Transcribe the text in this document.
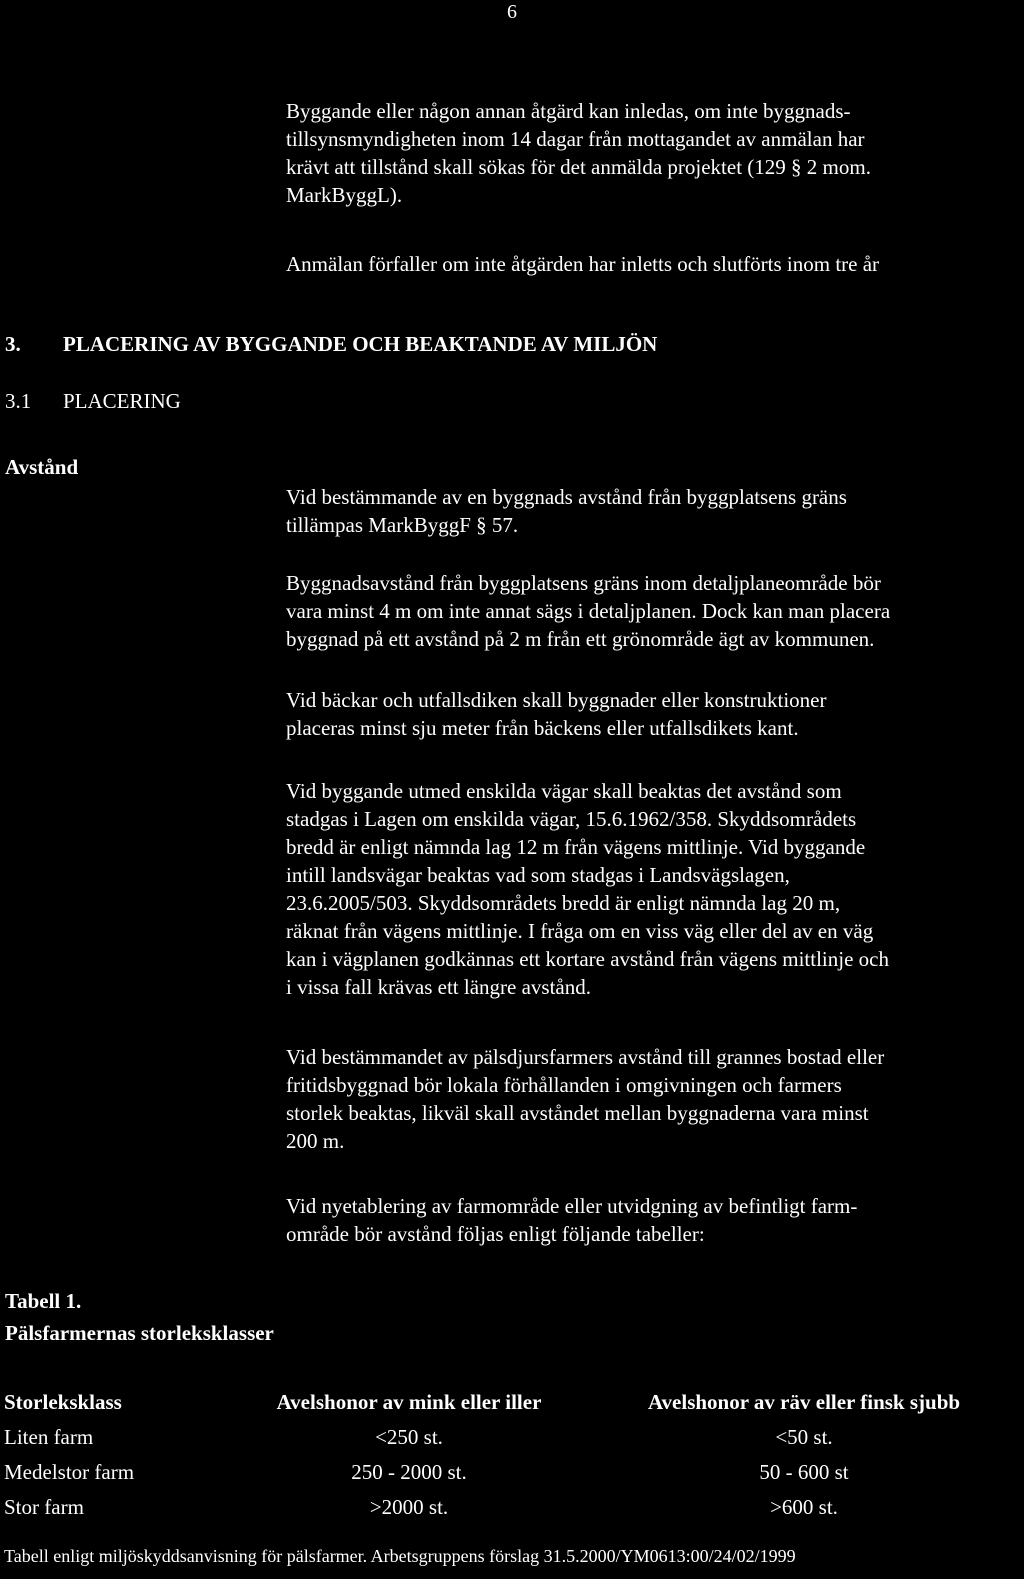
6
Byggande eller någon annan åtgärd kan inledas, om inte byggnads-
tillsynsmyndigheten inom 14 dagar från mottagandet av anmälan har
krävt att tillstånd skall sökas för det anmälda projektet (129 § 2 mom.
MarkByggL).
Anmälan förfaller om inte åtgärden har inletts och slutförts inom tre år
3. PLACERING AV BYGGANDE OCH BEAKTANDE AV MILJÖN
3.1 PLACERING
Avstånd
Vid bestämmande av en byggnads avstånd från byggplatsens gräns
tillämpas MarkByggF § 57.
Byggnadsavstånd från byggplatsens gräns inom detaljplaneområde bör
vara minst 4 m om inte annat sägs i detaljplanen. Dock kan man placera
byggnad på ett avstånd på 2 m från ett grönområde ägt av kommunen.
Vid bäckar och utfallsdiken skall byggnader eller konstruktioner
placeras minst sju meter från bäckens eller utfallsdikets kant.
Vid byggande utmed enskilda vägar skall beaktas det avstånd som
stadgas i Lagen om enskilda vägar, 15.6.1962/358. Skyddsområdets
bredd är enligt nämnda lag 12 m från vägens mittlinje. Vid byggande
intill landsvägar beaktas vad som stadgas i Landsvägslagen,
23.6.2005/503. Skyddsområdets bredd är enligt nämnda lag 20 m,
räknat från vägens mittlinje. I fråga om en viss väg eller del av en väg
kan i vägplanen godkännas ett kortare avstånd från vägens mittlinje och
i vissa fall krävas ett längre avstånd.
Vid bestämmandet av pälsdjursfarmers avstånd till grannes bostad eller
fritidsbyggnad bör lokala förhållanden i omgivningen och farmers
storlek beaktas, likväl skall avståndet mellan byggnaderna vara minst
200 m.
Vid nyetablering av farmområde eller utvidgning av befintligt farm-
område bör avstånd följas enligt följande tabeller:
Tabell 1.
Pälsfarmernas storleksklasser
Storleksklass	Avelshonor av mink eller iller	Avelshonor av räv eller finsk sjubb
Liten farm	<250 st.	<50 st.
Medelstor farm	250 - 2000 st.	50 - 600 st
Stor farm	>2000 st.	>600 st.
Tabell enligt miljöskyddsanvisning för pälsfarmer. Arbetsgruppens förslag 31.5.2000/YM0613:00/24/02/1999
